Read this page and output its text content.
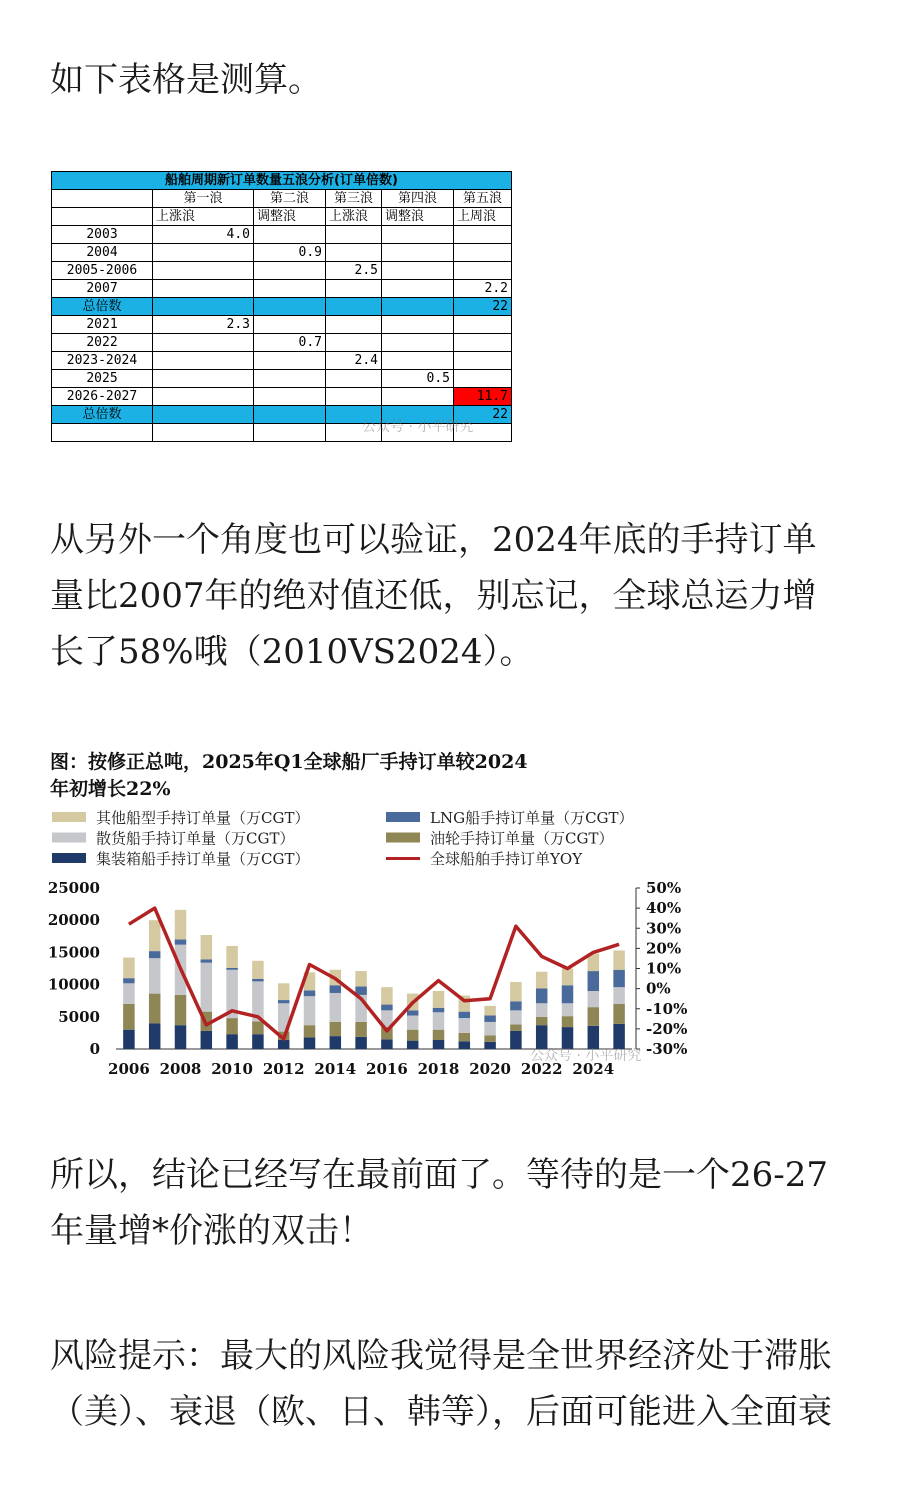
如下表格是测算。

船舶周期新订单数量五浪分析(订单倍数)					
	第一浪	第二浪	第三浪	第四浪	第五浪
	上涨浪	调整浪	上涨浪	调整浪	上周浪
2003	4.0				
2004		0.9			
2005-2006			2.5		
2007					2.2
总倍数					22
2021	2.3				
2022		0.7			
2023-2024			2.4		
2025				0.5	
2026-2027					11.7
总倍数					22

公众号 · 小平研究

从另外一个角度也可以验证，2024年底的手持订单量比2007年的绝对值还低，别忘记，全球总运力增长了58%哦（2010VS2024）。

图：按修正总吨，2025年Q1全球船厂手持订单较2024
年初增长22%
其他船型手持订单量（万CGT）	LNG船手持订单量（万CGT）
散货船手持订单量（万CGT）	油轮手持订单量（万CGT）
集装箱船手持订单量（万CGT）	全球船舶手持订单YOY
25000
20000
15000
10000
5000
0
50%
40%
30%
20%
10%
0%
-10%
-20%
-30%
2006 2008 2010 2012 2014 2016 2018 2020 2022 2024
公众号 · 小平研究

所以，结论已经写在最前面了。等待的是一个26-27年量增*价涨的双击！

风险提示：最大的风险我觉得是全世界经济处于滞胀（美）、衰退（欧、日、韩等），后面可能进入全面衰
